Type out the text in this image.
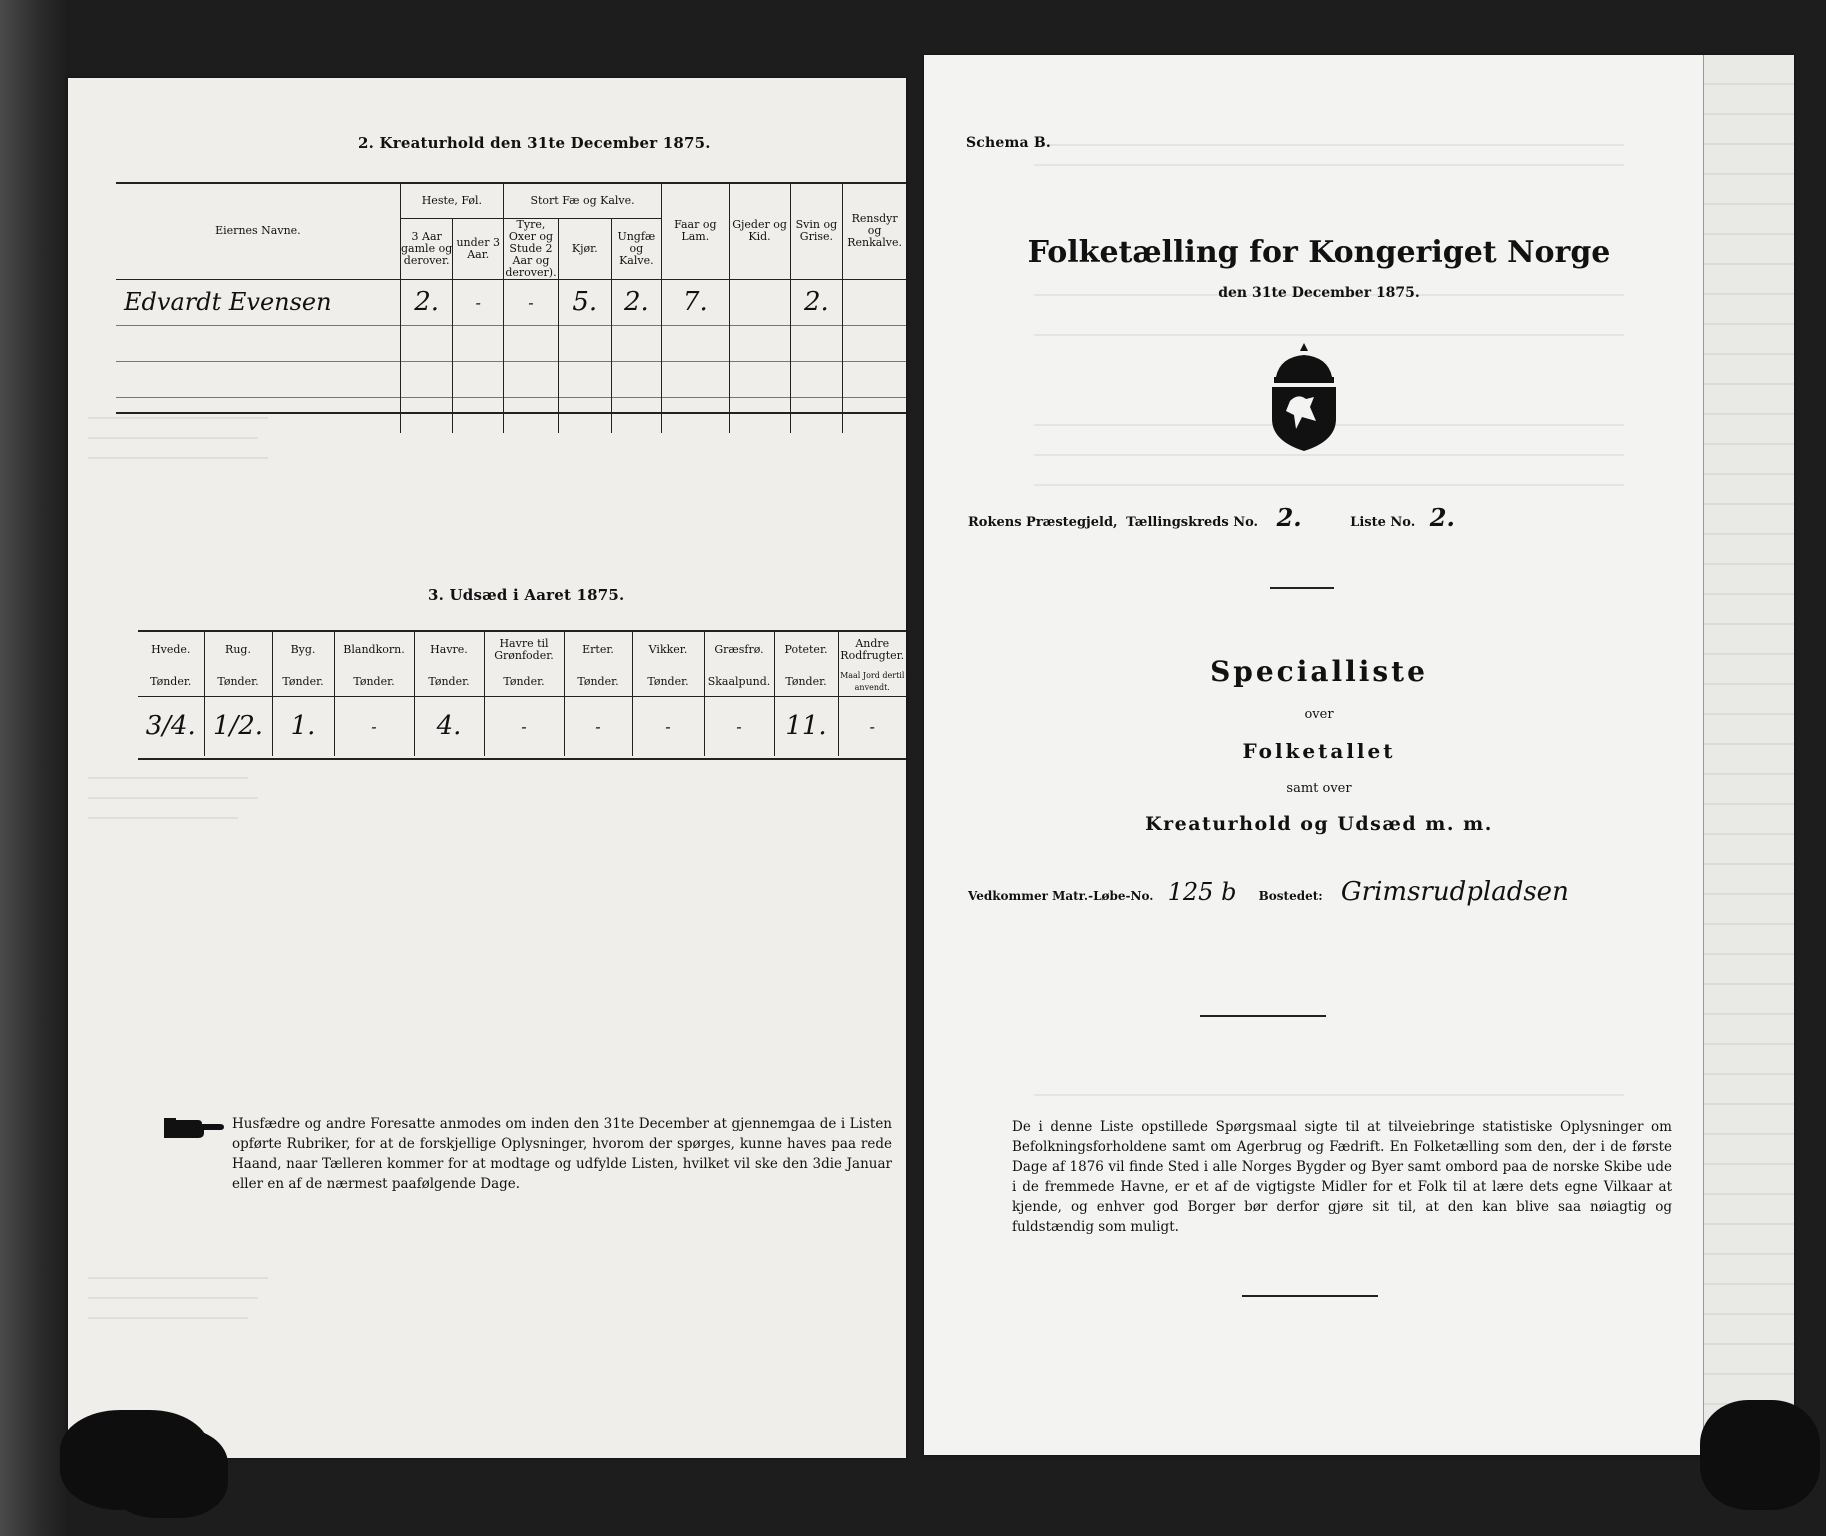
2. Kreaturhold den 31te December 1875.
Eiernes Navne.	Heste, Føl.		Stort Fæ og Kalve.			Faar og Lam.	Gjeder og Kid.	Svin og Grise.	Rensdyr og Renkalve.
	3 Aar gamle og derover.	under 3 Aar.	Tyre, Oxer og Stude 2 Aar og derover).	Kjør.	Ungfæ og Kalve.				
Edvardt Evensen	2.	-	-	5.	2.	7.		2.	

3. Udsæd i Aaret 1875.
Hvede.	Rug.	Byg.	Blandkorn.	Havre.	Havre til Grønfoder.	Erter.	Vikker.	Græsfrø.	Poteter.	Andre Rodfrugter.
Tønder.	Tønder.	Tønder.	Tønder.	Tønder.	Tønder.	Tønder.	Tønder.	Skaalpund.	Tønder.	Maal Jord dertil anvendt.
3/4.	1/2.	1.	-	4.	-	-	-	-	11.	-
Husfædre og andre Foresatte anmodes om inden den 31te December at gjennemgaa de i Listen opførte Rubriker, for at de forskjellige Oplysninger, hvorom der spørges, kunne haves paa rede Haand, naar Tælleren kommer for at modtage og udfylde Listen, hvilket vil ske den 3die Januar eller en af de nærmest paafølgende Dage.
Schema B.
Folketælling for Kongeriget Norge
den 31te December 1875.
Rokens Præstegjeld, Tællingskreds No. 2.	Liste No. 2.
Specialliste
over
Folketallet
samt over
Kreaturhold og Udsæd m. m.
Vedkommer Matr.-Løbe-No. 125 b Bostedet: Grimsrudpladsen
De i denne Liste opstillede Spørgsmaal sigte til at tilveiebringe statistiske Oplysninger om Befolkningsforholdene samt om Agerbrug og Fædrift. En Folketælling som den, der i de første Dage af 1876 vil finde Sted i alle Norges Bygder og Byer samt ombord paa de norske Skibe ude i de fremmede Havne, er et af de vigtigste Midler for et Folk til at lære dets egne Vilkaar at kjende, og enhver god Borger bør derfor gjøre sit til, at den kan blive saa nøiagtig og fuldstændig som muligt.
